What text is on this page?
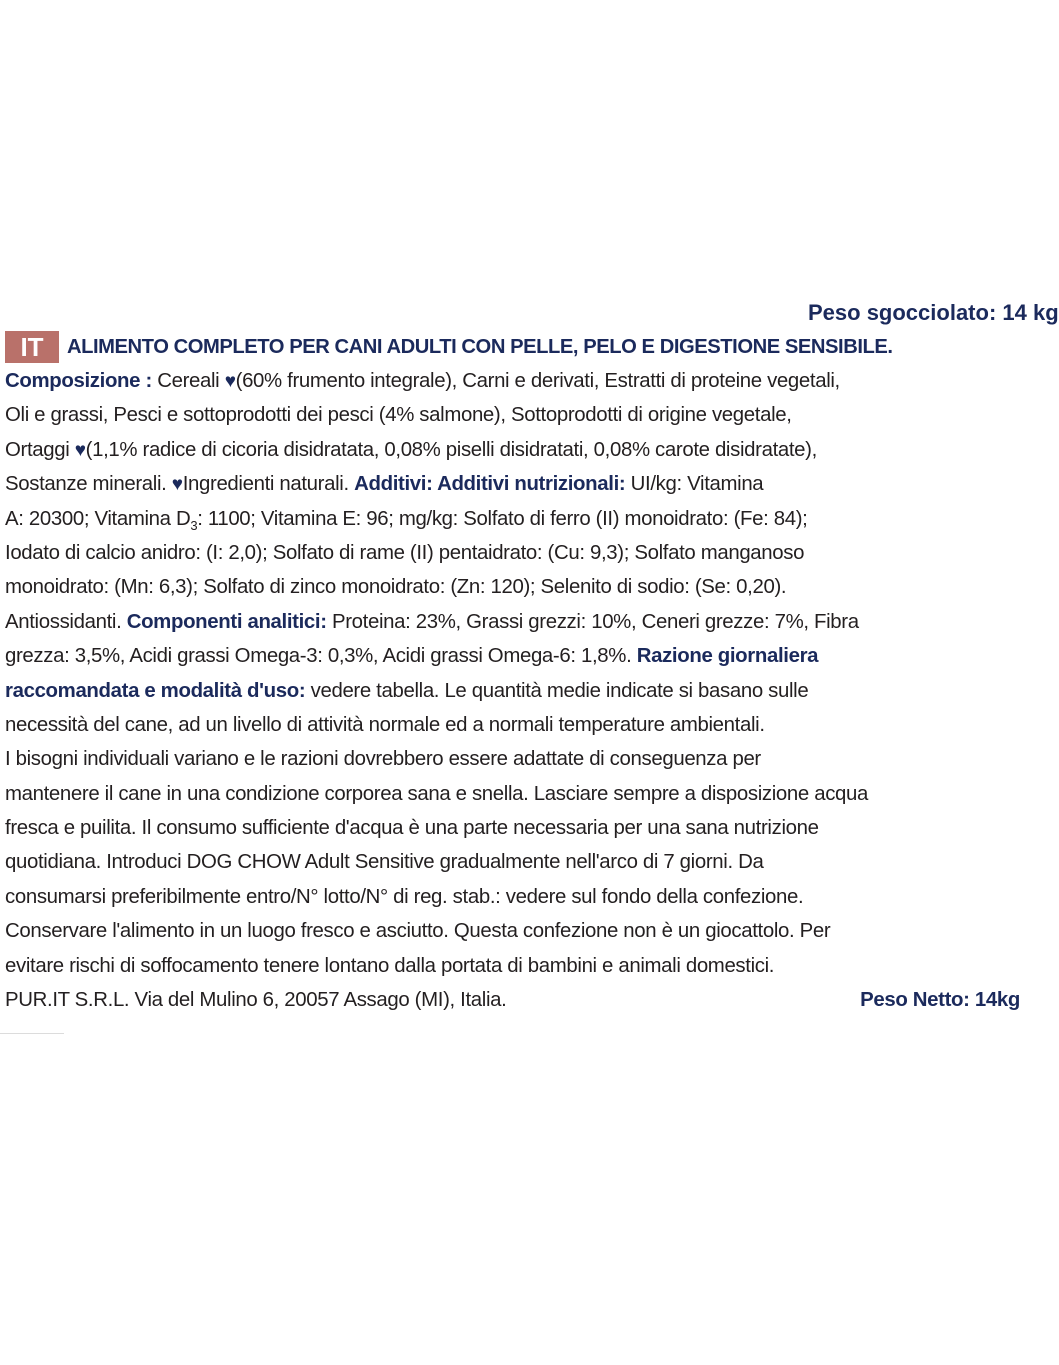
Peso sgocciolato: 14 kg
IT	ALIMENTO COMPLETO PER CANI ADULTI CON PELLE, PELO E DIGESTIONE SENSIBILE.
Composizione : Cereali ♥(60% frumento integrale), Carni e derivati, Estratti di proteine vegetali,
Oli e grassi, Pesci e sottoprodotti dei pesci (4% salmone), Sottoprodotti di origine vegetale,
Ortaggi ♥(1,1% radice di cicoria disidratata, 0,08% piselli disidratati, 0,08% carote disidratate),
Sostanze minerali. ♥Ingredienti naturali. Additivi: Additivi nutrizionali: UI/kg: Vitamina
A: 20300; Vitamina $D_3$: 1100; Vitamina E: 96; mg/kg: Solfato di ferro (II) monoidrato: (Fe: 84);
Iodato di calcio anidro: (I: 2,0); Solfato di rame (II) pentaidrato: (Cu: 9,3); Solfato manganoso
monoidrato: (Mn: 6,3); Solfato di zinco monoidrato: (Zn: 120); Selenito di sodio: (Se: 0,20).
Antiossidanti. Componenti analitici: Proteina: 23%, Grassi grezzi: 10%, Ceneri grezze: 7%, Fibra
grezza: 3,5%, Acidi grassi Omega-3: 0,3%, Acidi grassi Omega-6: 1,8%. Razione giornaliera
raccomandata e modalità d'uso: vedere tabella. Le quantità medie indicate si basano sulle
necessità del cane, ad un livello di attività normale ed a normali temperature ambientali.
I bisogni individuali variano e le razioni dovrebbero essere adattate di conseguenza per
mantenere il cane in una condizione corporea sana e snella. Lasciare sempre a disposizione acqua
fresca e puilita. Il consumo sufficiente d'acqua è una parte necessaria per una sana nutrizione
quotidiana. Introduci DOG CHOW Adult Sensitive gradualmente nell'arco di 7 giorni. Da
consumarsi preferibilmente entro/N° lotto/N° di reg. stab.: vedere sul fondo della confezione.
Conservare l'alimento in un luogo fresco e asciutto. Questa confezione non è un giocattolo. Per
evitare rischi di soffocamento tenere lontano dalla portata di bambini e animali domestici.
PUR.IT S.R.L. Via del Mulino 6, 20057 Assago (MI), Italia.	Peso Netto: 14kg
